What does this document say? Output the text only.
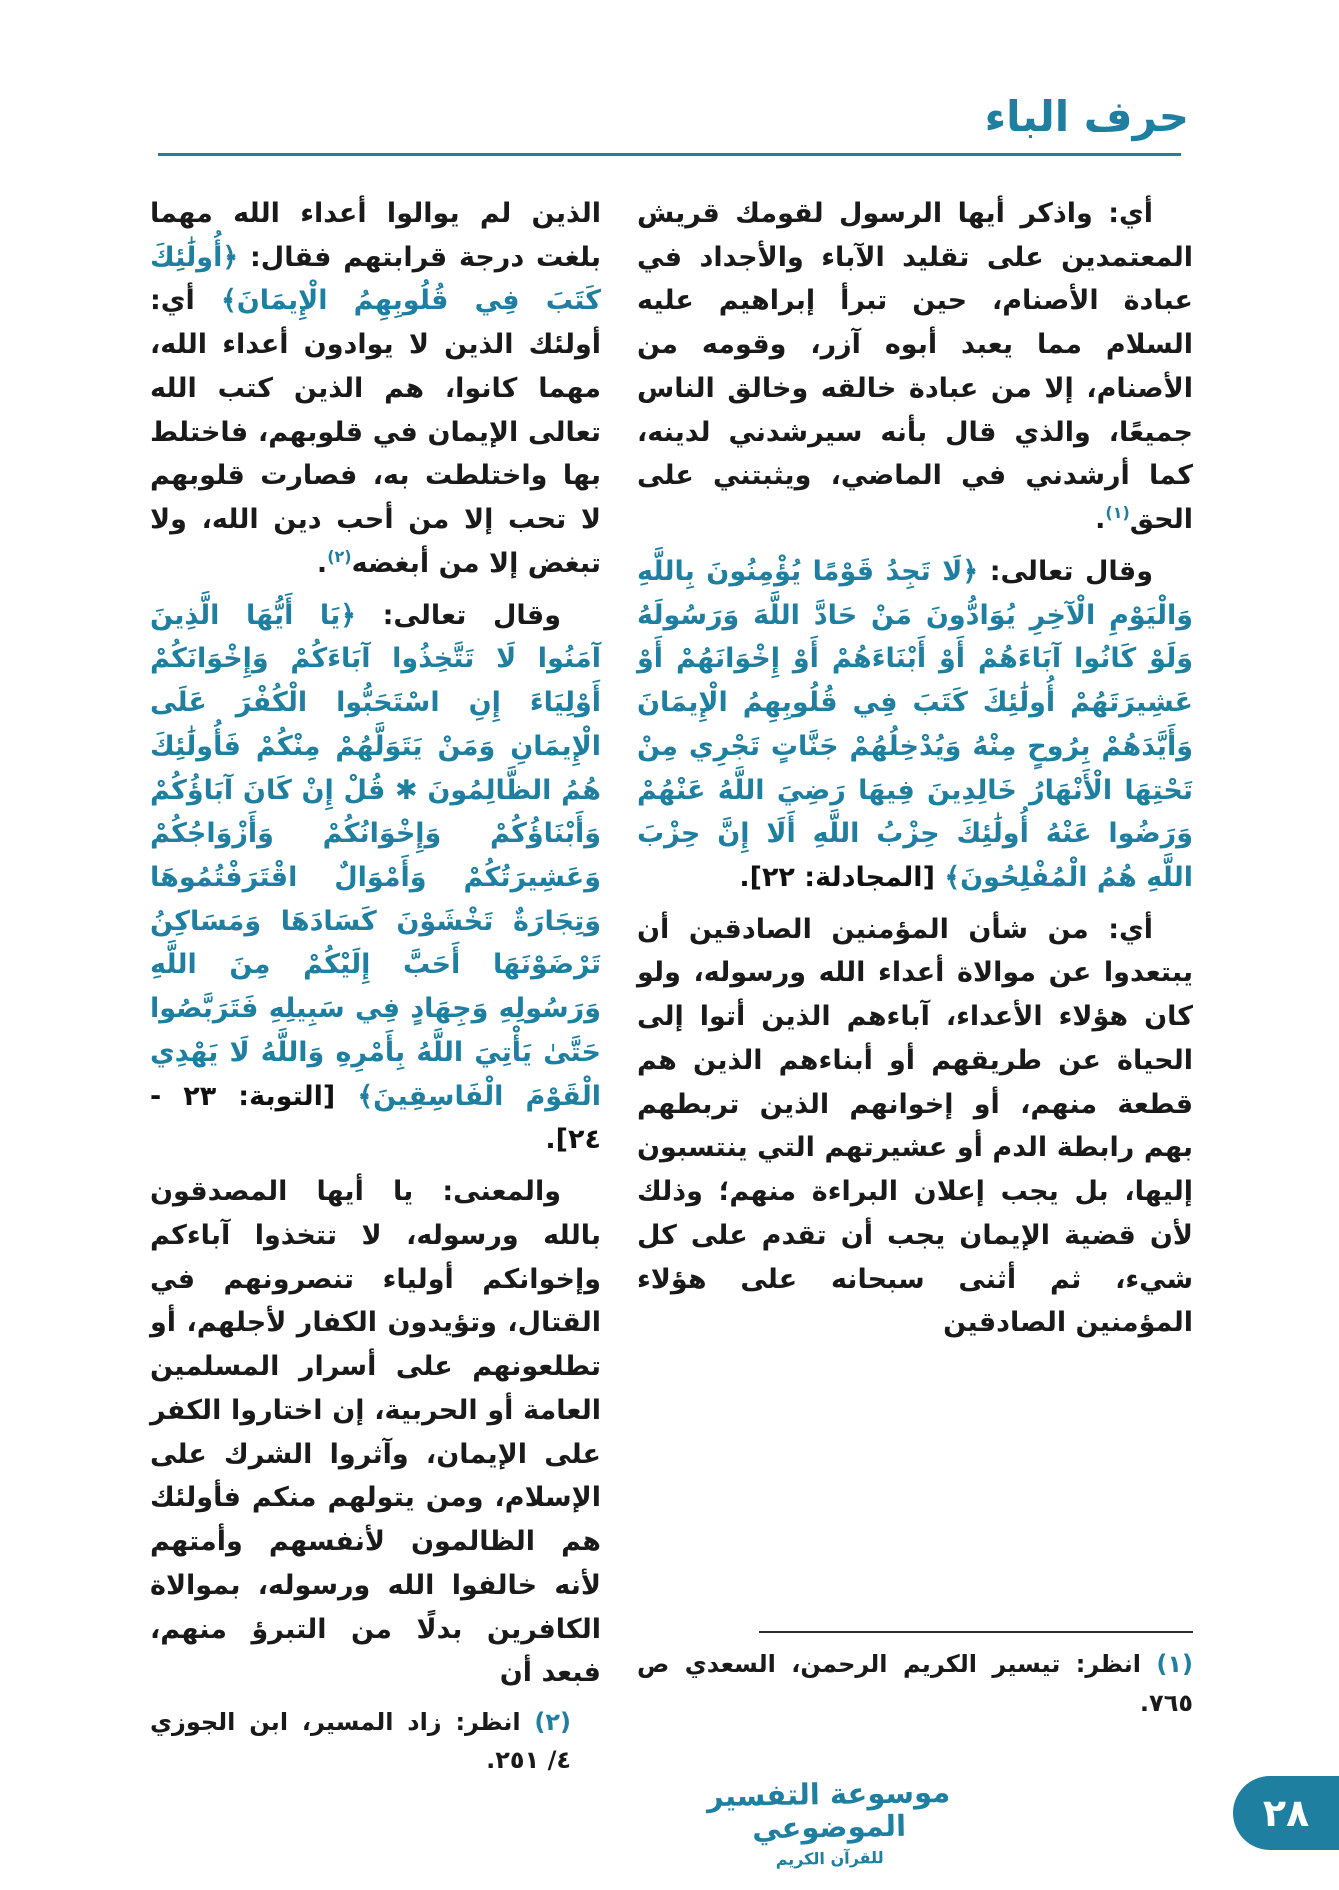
حرف الباء

أي: واذكر أيها الرسول لقومك قريش المعتمدين على تقليد الآباء والأجداد في عبادة الأصنام، حين تبرأ إبراهيم عليه السلام مما يعبد أبوه آزر، وقومه من الأصنام، إلا من عبادة خالقه وخالق الناس جميعًا، والذي قال بأنه سيرشدني لدينه، كما أرشدني في الماضي، ويثبتني على الحق$^{(١)}$.

وقال تعالى: ﴿لَا تَجِدُ قَوْمًا يُؤْمِنُونَ بِاللَّهِ وَالْيَوْمِ الْآخِرِ يُوَادُّونَ مَنْ حَادَّ اللَّهَ وَرَسُولَهُ وَلَوْ كَانُوا آبَاءَهُمْ أَوْ أَبْنَاءَهُمْ أَوْ إِخْوَانَهُمْ أَوْ عَشِيرَتَهُمْ أُولَٰئِكَ كَتَبَ فِي قُلُوبِهِمُ الْإِيمَانَ وَأَيَّدَهُمْ بِرُوحٍ مِنْهُ وَيُدْخِلُهُمْ جَنَّاتٍ تَجْرِي مِنْ تَحْتِهَا الْأَنْهَارُ خَالِدِينَ فِيهَا رَضِيَ اللَّهُ عَنْهُمْ وَرَضُوا عَنْهُ أُولَٰئِكَ حِزْبُ اللَّهِ أَلَا إِنَّ حِزْبَ اللَّهِ هُمُ الْمُفْلِحُونَ﴾ [المجادلة: ٢٢].

أي: من شأن المؤمنين الصادقين أن يبتعدوا عن موالاة أعداء الله ورسوله، ولو كان هؤلاء الأعداء، آباءهم الذين أتوا إلى الحياة عن طريقهم أو أبناءهم الذين هم قطعة منهم، أو إخوانهم الذين تربطهم بهم رابطة الدم أو عشيرتهم التي ينتسبون إليها، بل يجب إعلان البراءة منهم؛ وذلك لأن قضية الإيمان يجب أن تقدم على كل شيء، ثم أثنى سبحانه على هؤلاء المؤمنين الصادقين

(١) انظر: تيسير الكريم الرحمن، السعدي ص ٧٦٥.

الذين لم يوالوا أعداء الله مهما بلغت درجة قرابتهم فقال: ﴿أُولَٰئِكَ كَتَبَ فِي قُلُوبِهِمُ الْإِيمَانَ﴾ أي: أولئك الذين لا يوادون أعداء الله، مهما كانوا، هم الذين كتب الله تعالى الإيمان في قلوبهم، فاختلط بها واختلطت به، فصارت قلوبهم لا تحب إلا من أحب دين الله، ولا تبغض إلا من أبغضه$^{(٢)}$.

وقال تعالى: ﴿يَا أَيُّهَا الَّذِينَ آمَنُوا لَا تَتَّخِذُوا آبَاءَكُمْ وَإِخْوَانَكُمْ أَوْلِيَاءَ إِنِ اسْتَحَبُّوا الْكُفْرَ عَلَى الْإِيمَانِ وَمَنْ يَتَوَلَّهُمْ مِنْكُمْ فَأُولَٰئِكَ هُمُ الظَّالِمُونَ ✱ قُلْ إِنْ كَانَ آبَاؤُكُمْ وَأَبْنَاؤُكُمْ وَإِخْوَانُكُمْ وَأَزْوَاجُكُمْ وَعَشِيرَتُكُمْ وَأَمْوَالٌ اقْتَرَفْتُمُوهَا وَتِجَارَةٌ تَخْشَوْنَ كَسَادَهَا وَمَسَاكِنُ تَرْضَوْنَهَا أَحَبَّ إِلَيْكُمْ مِنَ اللَّهِ وَرَسُولِهِ وَجِهَادٍ فِي سَبِيلِهِ فَتَرَبَّصُوا حَتَّىٰ يَأْتِيَ اللَّهُ بِأَمْرِهِ وَاللَّهُ لَا يَهْدِي الْقَوْمَ الْفَاسِقِينَ﴾ [التوبة: ٢٣ - ٢٤].

والمعنى: يا أيها المصدقون بالله ورسوله، لا تتخذوا آباءكم وإخوانكم أولياء تنصرونهم في القتال، وتؤيدون الكفار لأجلهم، أو تطلعونهم على أسرار المسلمين العامة أو الحربية، إن اختاروا الكفر على الإيمان، وآثروا الشرك على الإسلام، ومن يتولهم منكم فأولئك هم الظالمون لأنفسهم وأمتهم لأنه خالفوا الله ورسوله، بموالاة الكافرين بدلًا من التبرؤ منهم، فبعد أن

(٢) انظر: زاد المسير، ابن الجوزي ٤/ ٢٥١.
موسوعة التفسير الموضوعي
للقرآن الكريم
٢٨
